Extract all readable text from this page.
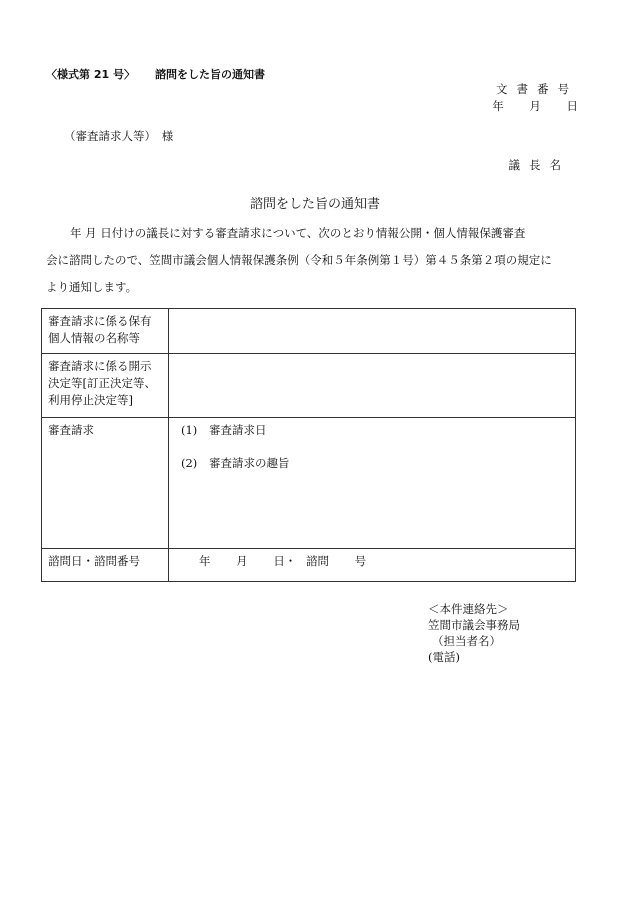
〈様式第 21 号〉 諮問をした旨の通知書
文書番号
年 月 日
（審査請求人等）　様
議長名
諮問をした旨の通知書

年 月 日付けの議長に対する審査請求について、次のとおり情報公開・個人情報保護審査

会に諮問したので、笠間市議会個人情報保護条例（令和５年条例第１号）第４５条第２項の規定に

より通知します。

審査請求に係る保有
個人情報の名称等	

審査請求に係る開示
決定等[訂正決定等、
利用停止決定等]	

審査請求	(1) 審査請求日
(2) 審査請求の趣旨

諮問日・諮問番号	年 月 日・ 諮問 号
＜本件連絡先＞
笠間市議会事務局
（担当者名）
(電話)
